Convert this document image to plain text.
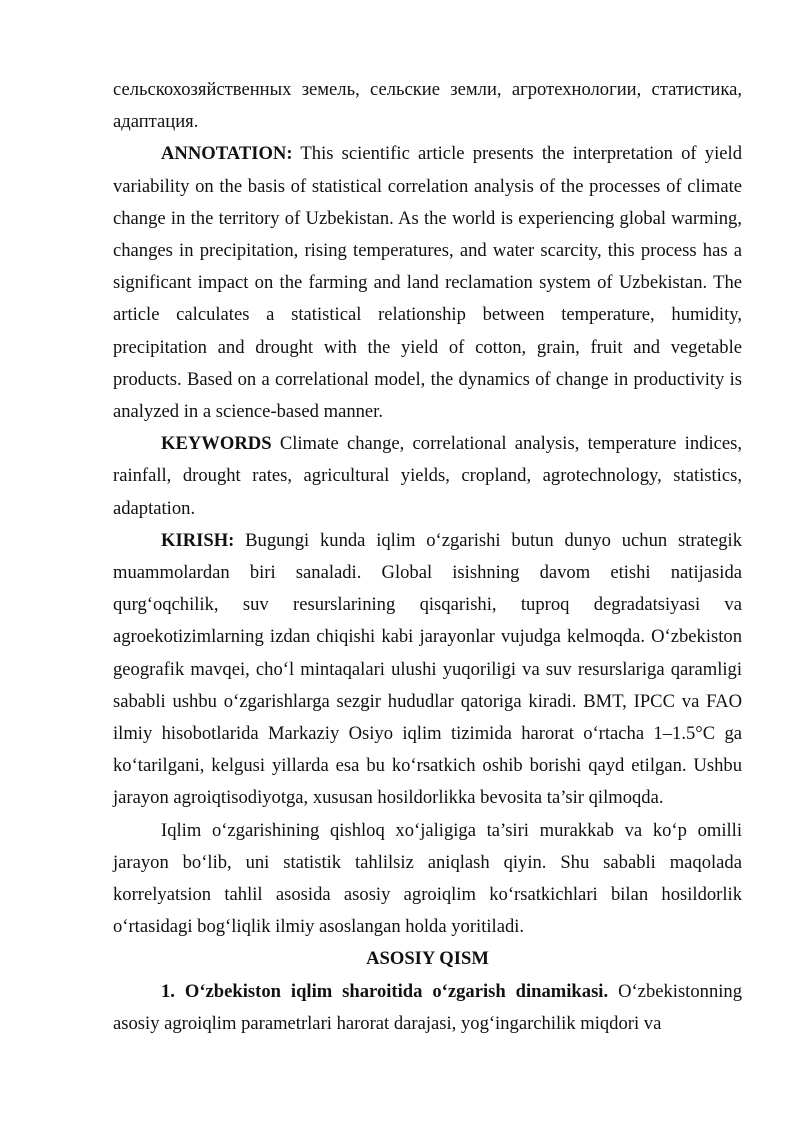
сельскохозяйственных земель, сельские земли, агротехнологии, статистика, адаптация.

ANNOTATION: This scientific article presents the interpretation of yield variability on the basis of statistical correlation analysis of the processes of climate change in the territory of Uzbekistan. As the world is experiencing global warming, changes in precipitation, rising temperatures, and water scarcity, this process has a significant impact on the farming and land reclamation system of Uzbekistan. The article calculates a statistical relationship between temperature, humidity, precipitation and drought with the yield of cotton, grain, fruit and vegetable products. Based on a correlational model, the dynamics of change in productivity is analyzed in a science-based manner.

KEYWORDS Climate change, correlational analysis, temperature indices, rainfall, drought rates, agricultural yields, cropland, agrotechnology, statistics, adaptation.

KIRISH: Bugungi kunda iqlim o‘zgarishi butun dunyo uchun strategik muammolardan biri sanaladi. Global isishning davom etishi natijasida qurg‘oqchilik, suv resurslarining qisqarishi, tuproq degradatsiyasi va agroekotizimlarning izdan chiqishi kabi jarayonlar vujudga kelmoqda. O‘zbekiston geografik mavqei, cho‘l mintaqalari ulushi yuqoriligi va suv resurslariga qaramligi sababli ushbu o‘zgarishlarga sezgir hududlar qatoriga kiradi. BMT, IPCC va FAO ilmiy hisobotlarida Markaziy Osiyo iqlim tizimida harorat o‘rtacha 1–1.5°C ga ko‘tarilgani, kelgusi yillarda esa bu ko‘rsatkich oshib borishi qayd etilgan. Ushbu jarayon agroiqtisodiyotga, xususan hosildorlikka bevosita ta’sir qilmoqda.

Iqlim o‘zgarishining qishloq xo‘jaligiga ta’siri murakkab va ko‘p omilli jarayon bo‘lib, uni statistik tahlilsiz aniqlash qiyin. Shu sababli maqolada korrelyatsion tahlil asosida asosiy agroiqlim ko‘rsatkichlari bilan hosildorlik o‘rtasidagi bog‘liqlik ilmiy asoslangan holda yoritiladi.

ASOSIY QISM

1. O‘zbekiston iqlim sharoitida o‘zgarish dinamikasi. O‘zbekistonning asosiy agroiqlim parametrlari harorat darajasi, yog‘ingarchilik miqdori va
